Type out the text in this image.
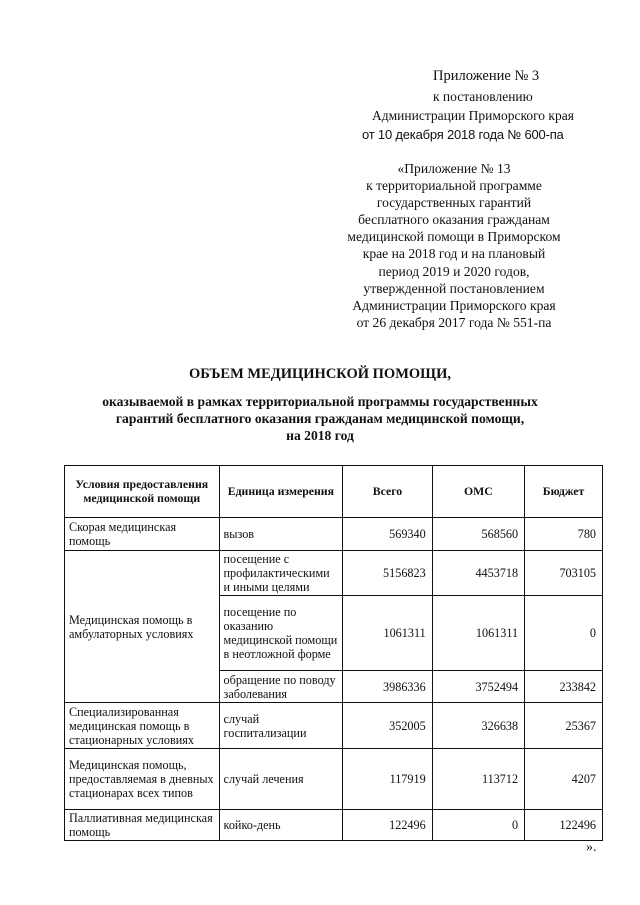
Приложение № 3
к постановлению
Администрации Приморского края
от 10 декабря 2018 года № 600-па
«Приложение № 13
к территориальной программе
государственных гарантий
бесплатного оказания гражданам
медицинской помощи в Приморском
крае на 2018 год и на плановый
период 2019 и 2020 годов,
утвержденной постановлением
Администрации Приморского края
от 26 декабря 2017 года № 551-па
ОБЪЕМ МЕДИЦИНСКОЙ ПОМОЩИ,
оказываемой в рамках территориальной программы государственных
гарантий бесплатного оказания гражданам медицинской помощи,
на 2018 год
Условия предоставления медицинской помощи	Единица измерения	Всего	ОМС	Бюджет
Скорая медицинская помощь	вызов	569340	568560	780
Медицинская помощь в амбулаторных условиях	посещение с профилактическими и иными целями	5156823	4453718	703105
	посещение по оказанию медицинской помощи в неотложной форме	1061311	1061311	0
	обращение по поводу заболевания	3986336	3752494	233842
Специализированная медицинская помощь в стационарных условиях	случай госпитализации	352005	326638	25367
Медицинская помощь, предоставляемая в дневных стационарах всех типов	случай лечения	117919	113712	4207
Паллиативная медицинская помощь	койко-день	122496	0	122496
».
